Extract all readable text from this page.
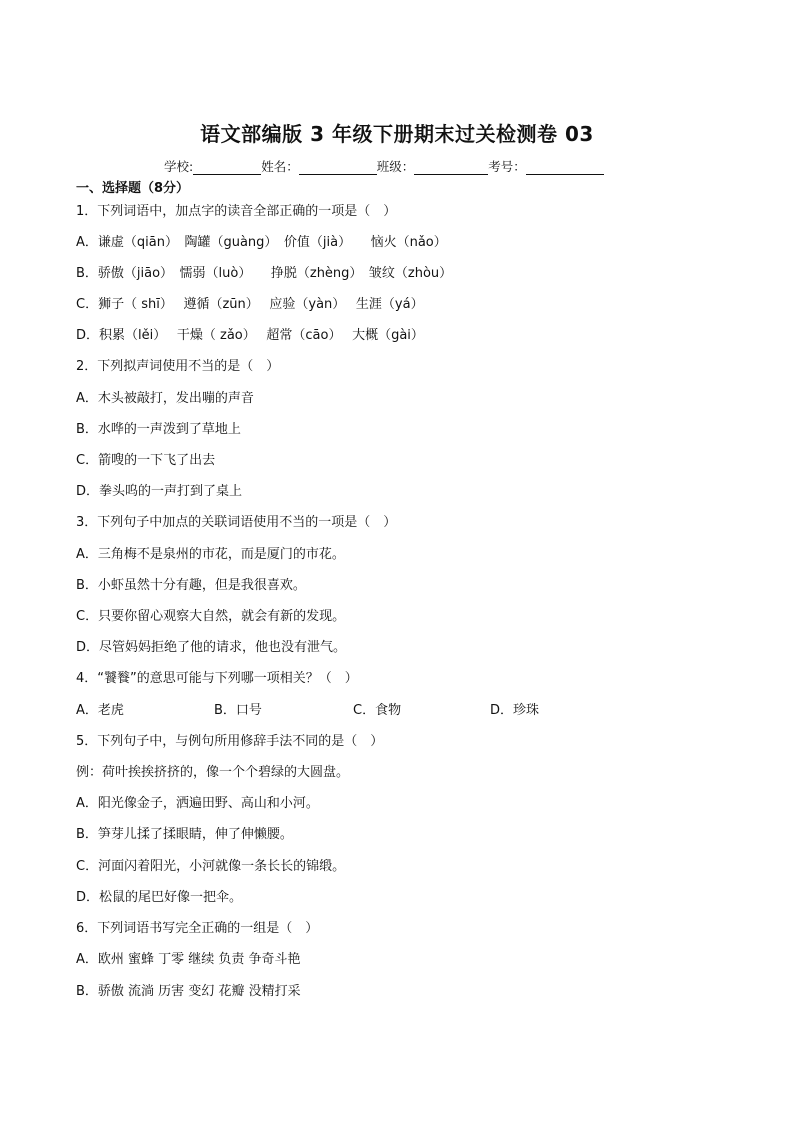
语文部编版 3 年级下册期末过关检测卷 03
学校:	姓名：	班级：	考号：
一、选择题（8分）
1．下列词语中，加点字的读音全部正确的一项是（　）
A．谦虚（qiān）　陶罐（guàng）　价值（jià）　　恼火（nǎo）
B．骄傲（jiāo）　懦弱（luò）　　挣脱（zhèng）　皱纹（zhòu）
C．狮子（ shī）　 遵循（zūn）　 应验（yàn）　 生涯（yá）
D．积累（lěi）　 干燥（ zǎo）　 超常（cāo）　 大概（gài）
2．下列拟声词使用不当的是（　）
A．木头被敲打，发出嘣的声音
B．水哗的一声泼到了草地上
C．箭嗖的一下飞了出去
D．拳头呜的一声打到了桌上
3．下列句子中加点的关联词语使用不当的一项是（　）
A．三角梅不是泉州的市花，而是厦门的市花。
B．小虾虽然十分有趣，但是我很喜欢。
C．只要你留心观察大自然，就会有新的发现。
D．尽管妈妈拒绝了他的请求，他也没有泄气。
4．“饕餮”的意思可能与下列哪一项相关？（　）
A．老虎	B．口号	C．食物	D．珍珠
5．下列句子中，与例句所用修辞手法不同的是（　）
例：荷叶挨挨挤挤的，像一个个碧绿的大圆盘。
A．阳光像金子，洒遍田野、高山和小河。
B．笋芽儿揉了揉眼睛，伸了伸懒腰。
C．河面闪着阳光，小河就像一条长长的锦缎。
D．松鼠的尾巴好像一把伞。
6．下列词语书写完全正确的一组是（　）
A．欧州 蜜蜂 丁零 继续 负责 争奇斗艳
B．骄傲 流淌 历害 变幻 花瓣 没精打采
